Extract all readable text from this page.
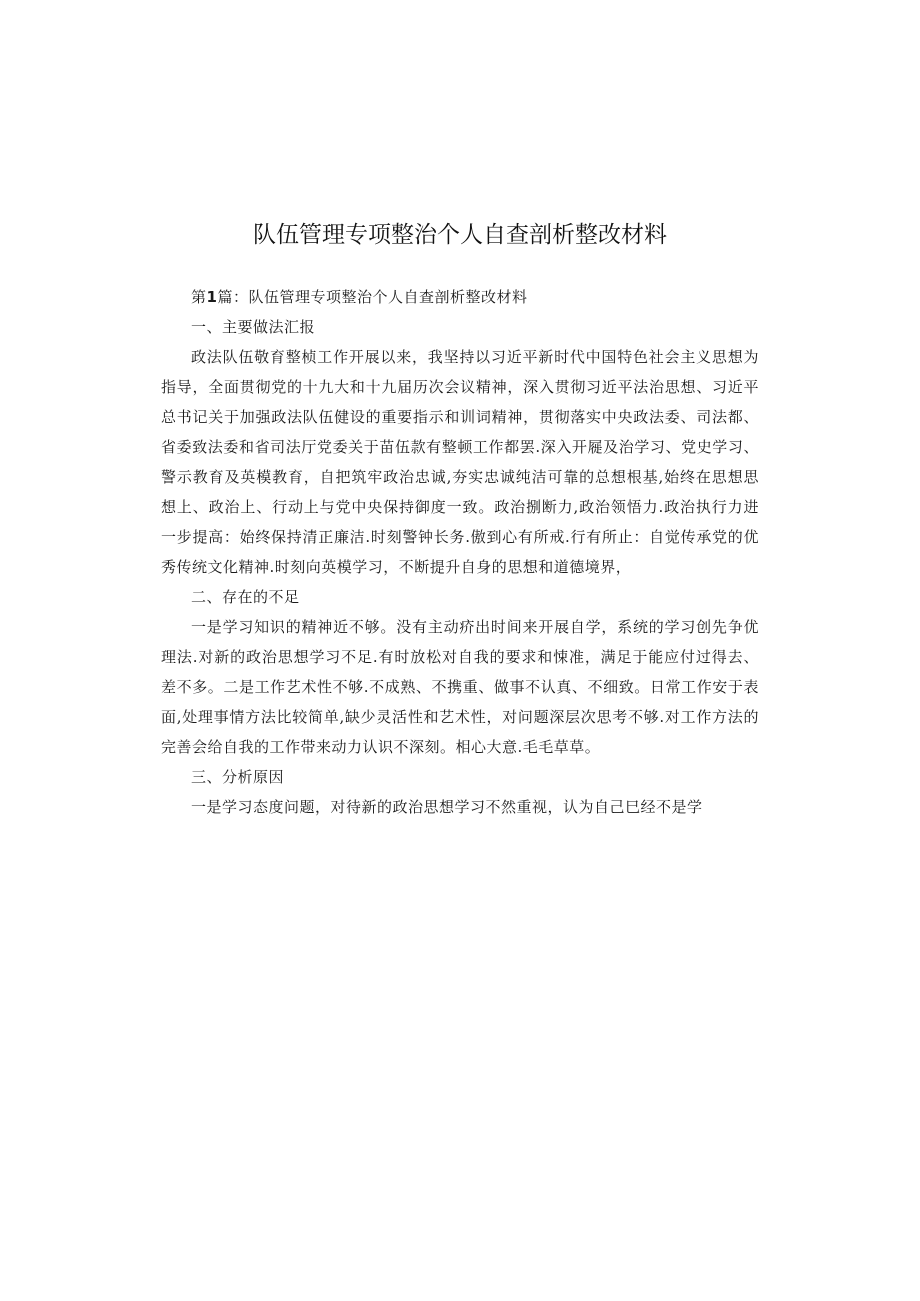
队伍管理专项整治个人自查剖析整改材料

第1篇：队伍管理专项整治个人自查剖析整改材料

一、主要做法汇报

政法队伍敬育整桢工作开展以来，我坚持以习近平新时代中国特色社会主义思想为指导，全面贯彻党的十九大和十九届历次会议精神，深入贯彻习近平法治思想、习近平总书记关于加强政法队伍健设的重要指示和训词精神，贯彻落实中央政法委、司法都、省委致法委和省司法厅党委关于苗伍款有整顿工作都罢.深入开屣及治学习、党史学习、警示教育及英模教育，自把筑牢政治忠诚,夯实忠诚纯洁可靠的总想根基,始终在思想思想上、政治上、行动上与党中央保持御度一致。政治捌断力,政治领悟力.政治执行力进一步提高：始终保持清正廉洁.时刻警钟长务.傲到心有所戒.行有所止：自觉传承党的优秀传统文化精神.时刻向英模学习，不断提升自身的思想和道德境界，

二、存在的不足

一是学习知识的精神近不够。没有主动疥出时间来开展自学，系统的学习创先争优理法.对新的政治思想学习不足.有时放松对自我的要求和悚准，满足于能应付过得去、差不多。二是工作艺术性不够.不成熟、不携重、做事不认真、不细致。日常工作安于表面,处理事情方法比较简单,缺少灵活性和艺术性，对问题深层次思考不够.对工作方法的完善会给自我的工作带来动力认识不深刻。相心大意.毛毛草草。

三、分析原因

一是学习态度问题，对待新的政治思想学习不然重视，认为自己巳经不是学
